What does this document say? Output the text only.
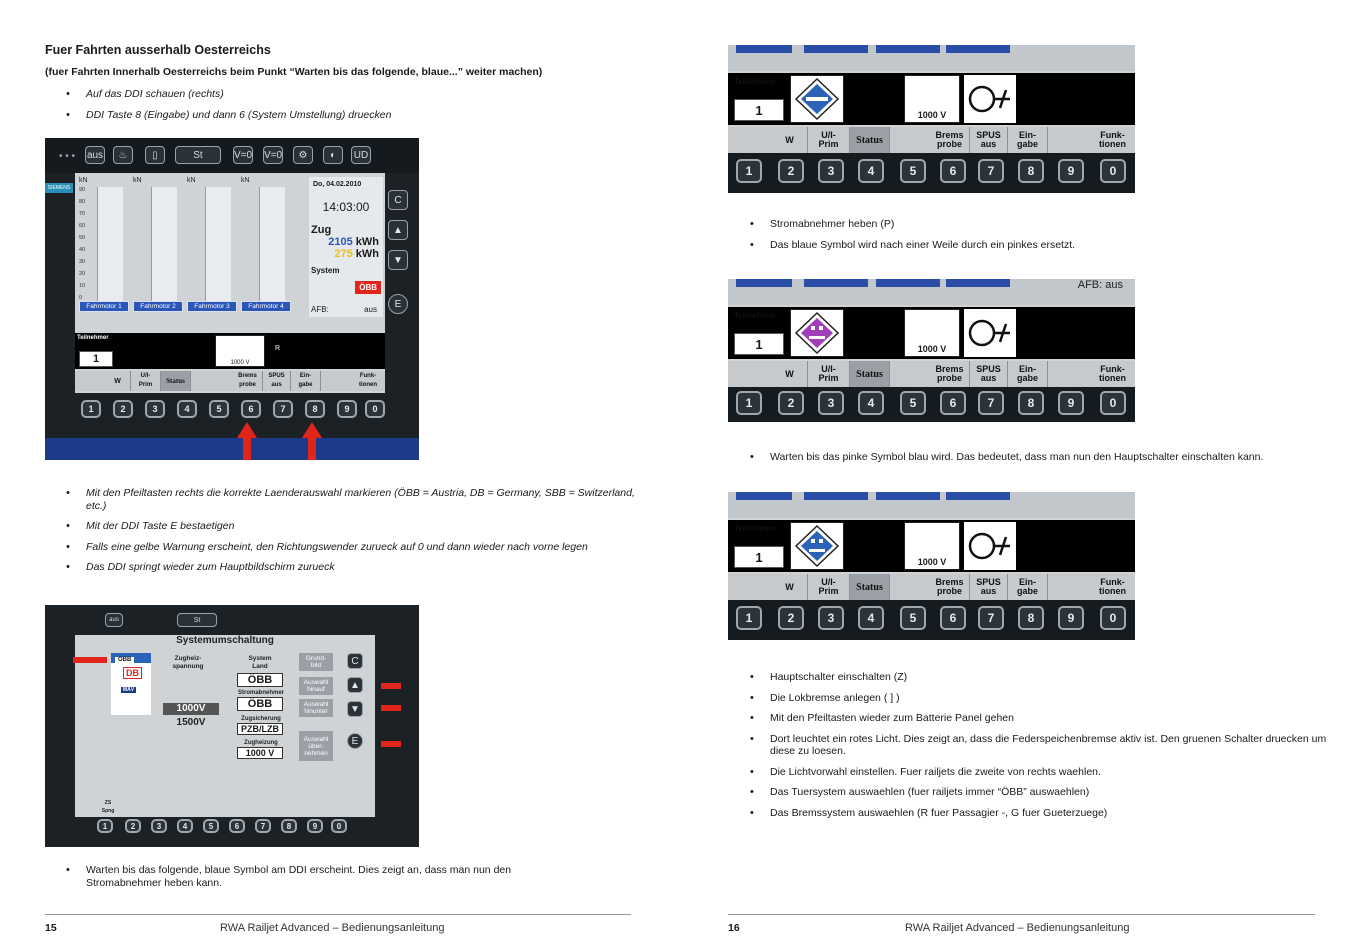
Fuer Fahrten ausserhalb Oesterreichs
(fuer Fahrten Innerhalb Oesterreichs beim Punkt “Warten bis das folgende, blaue...” weiter machen)
• Auf das DDI schauen (rechts)
• DDI Taste 8 (Eingabe) und dann 6 (System Umstellung) druecken
• • • aus	♨	▯	St	V=0 V=0	⚙	◐	UD
SIEMENS
kN
Fahrmotor 1
kN
Fahrmotor 2
kN
Fahrmotor 3
kN
Fahrmotor 4
90
80
70
60
50
40
30
20
10
0
Do, 04.02.2010
14:03:00
Zug
2105 kWh
275 kWh
System
ÖBB
AFB:	aus
Teilnehmer
1	1000 V
R
W
U/I-
Prim
Status
Brems
probe
SPUS
aus
Ein-
gabe
Funk-
tionen
C
▲
▼
E
1	2	3	4	5	6	7	8	9	0
• Mit den Pfeiltasten rechts die korrekte Laenderauswahl markieren (ÖBB = Austria, DB = Germany, SBB = Switzerland, etc.)
• Mit der DDI Taste E bestaetigen
• Falls eine gelbe Warnung erscheint, den Richtungswender zurueck auf 0 und dann wieder nach vorne legen
• Das DDI springt wieder zum Hauptbildschirm zurueck
aus	St
Systemumschaltung
ÖBB
DB
MÁV
Zugheiz-
spannung
1000V
1500V
System
Land
ÖBB
Stromabnehmer
ÖBB
Zugsicherung
PZB/LZB
Zugheizung
1000 V
Grund-
bild
Auswahl
hinauf
Auswahl
hinunter
Auswahl
über-
nehmen
ZS
Spng
C
▲
▼
E
1	2	3	4	5	6	7	8	9	0
• Warten bis das folgende, blaue Symbol am DDI erscheint. Dies zeigt an, dass man nun den Stromabnehmer heben kann.
15	RWA Railjet Advanced – Bedienungsanleitung
Teilnehmer
1	1000 V
W	U/I-
Prim	Status	Brems
probe
SPUS
aus
Ein-
gabe
Funk-
tionen
1	2	3	4	5	6	7	8	9	0
• Stromabnehmer heben (P)
• Das blaue Symbol wird nach einer Weile durch ein pinkes ersetzt.
AFB: aus
Teilnehmer
1	1000 V
W	U/I-
Prim	Status	Brems
probe
SPUS
aus
Ein-
gabe
Funk-
tionen
1	2	3	4	5	6	7	8	9	0
• Warten bis das pinke Symbol blau wird. Das bedeutet, dass man nun den Hauptschalter einschalten kann.
Teilnehmer
1	1000 V
W	U/I-
Prim	Status	Brems
probe
SPUS
aus
Ein-
gabe
Funk-
tionen
1	2	3	4	5	6	7	8	9	0
• Hauptschalter einschalten (Z)
• Die Lokbremse anlegen ( ] )
• Mit den Pfeiltasten wieder zum Batterie Panel gehen
• Dort leuchtet ein rotes Licht. Dies zeigt an, dass die Federspeichenbremse aktiv ist. Den gruenen Schalter druecken um diese zu loesen.
• Die Lichtvorwahl einstellen. Fuer railjets die zweite von rechts waehlen.
• Das Tuersystem auswaehlen (fuer railjets immer “ÖBB” auswaehlen)
• Das Bremssystem auswaehlen (R fuer Passagier -, G fuer Gueterzuege)
16	RWA Railjet Advanced – Bedienungsanleitung
